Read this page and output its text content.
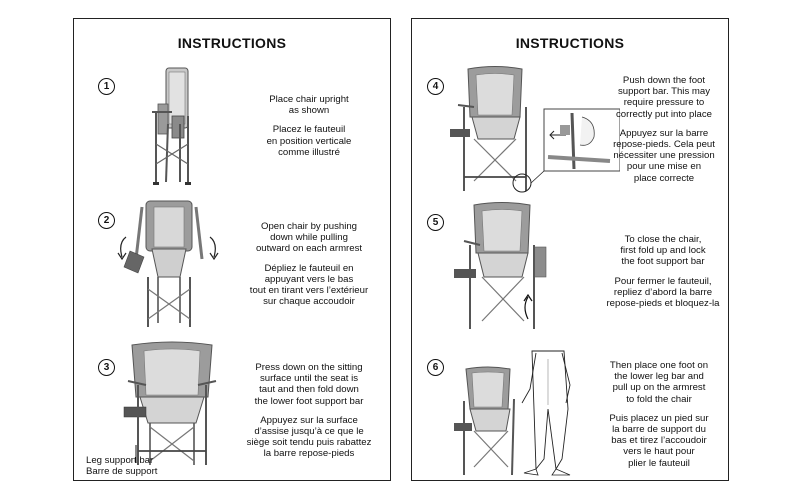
INSTRUCTIONS
1

Place chair upright

as shown

Placez le fauteuil

en position verticale

comme illustré

2

Open chair by pushing

down while pulling

outward on each armrest

Dépliez le fauteuil en

appuyant vers le bas

tout en tirant vers l’extérieur

sur chaque accoudoir

3	Press down on the sitting

surface until the seat is

taut and then fold down

the lower foot support bar

Appuyez sur la surface

d’assise jusqu’à ce que le

siège soit tendu puis rabattez

la barre repose-pieds

Leg support bar

Barre de support

INSTRUCTIONS
4

Push down the foot

support bar. This may

require pressure to

correctly put into place

Appuyez sur la barre

repose-pieds. Cela peut

nécessiter une pression

pour une mise en

place correcte

5

To close the chair,

first fold up and lock

the foot support bar

Pour fermer le fauteuil,

repliez d’abord la barre

repose-pieds et bloquez-la

6	Then place one foot on

the lower leg bar and

pull up on the armrest

to fold the chair

Puis placez un pied sur

la barre de support du

bas et tirez l’accoudoir

vers le haut pour

plier le fauteuil
